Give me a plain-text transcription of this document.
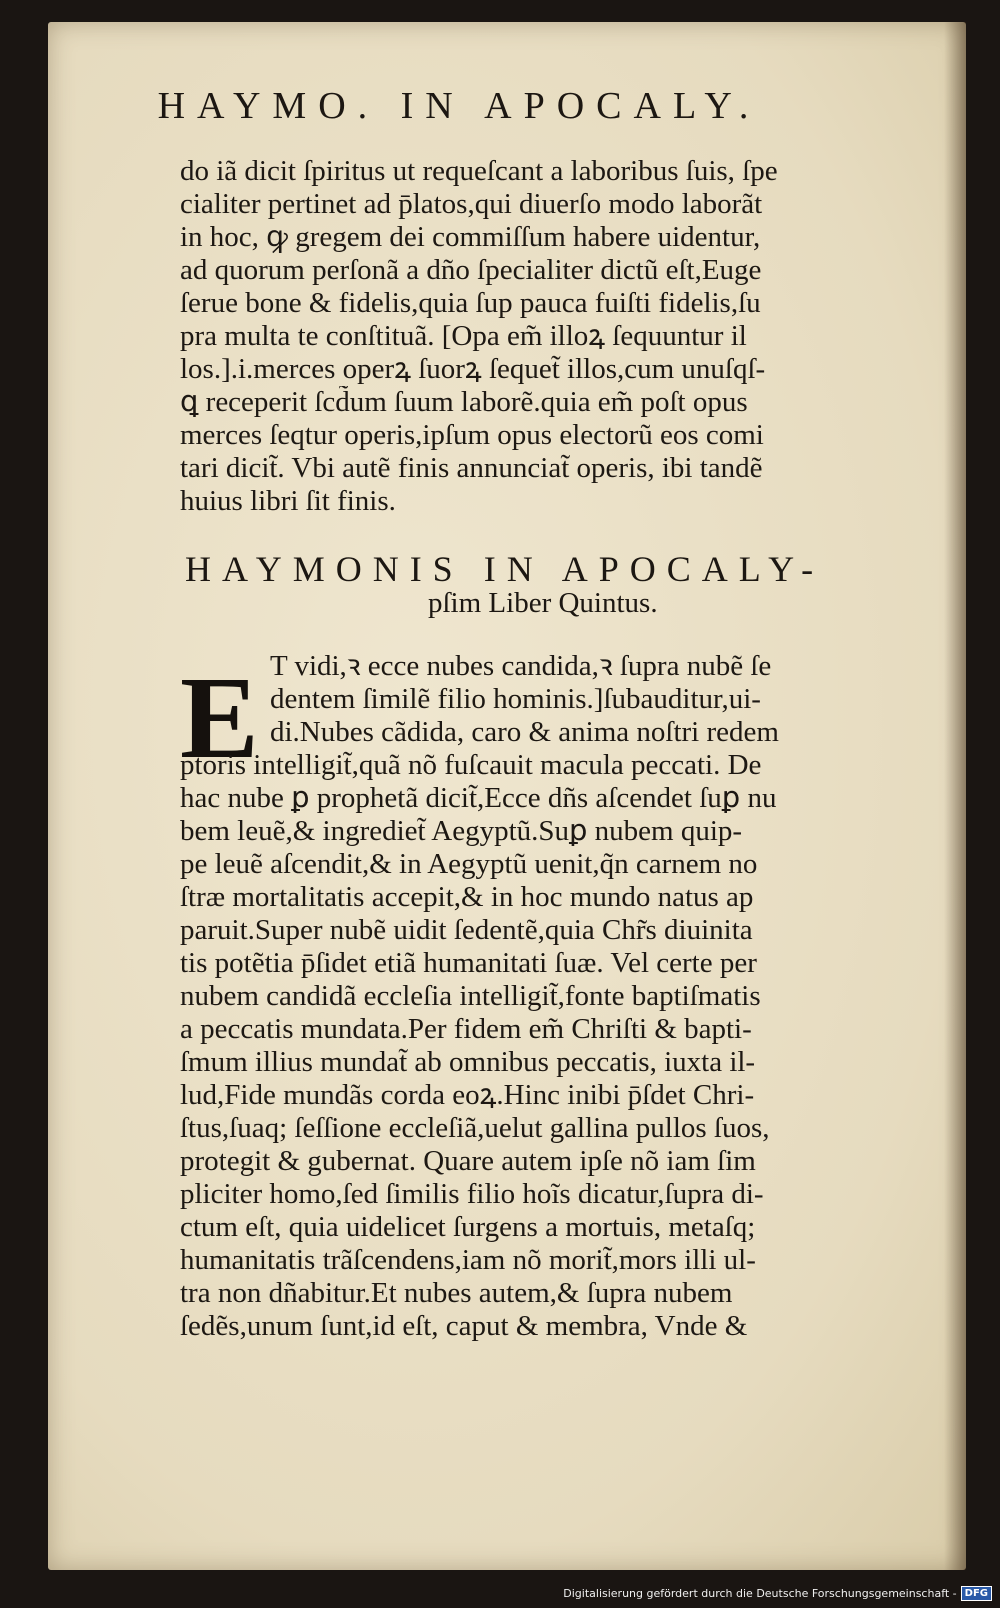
HAYMO. IN APOCALY.
do iã dicit ſpiritus ut requeſcant a laboribus ſuis, ſpe
cialiter pertinet ad p̄latos,qui diuerſo modo laborãt
in hoc, ꝙ gregem dei commiſſum habere uidentur,
ad quorum perſonã a dño ſpecialiter dictũ eſt,Euge
ſerue bone & fidelis,quia ſup pauca fuiſti fidelis,ſu
pra multa te conſtituã. [Opa em̃ illoꝝ ſequuntur il
los.].i.merces operꝝ ſuorꝝ ſequet̃ illos,cum unuſqſ-
ꝗ receperit ſcd̃um ſuum laborẽ.quia em̃ poſt opus
merces ſeqtur operis,ipſum opus electorũ eos comi
tari dicit̃. Vbi autẽ finis annunciat̃ operis, ibi tandẽ
huius libri ſit finis.
HAYMONIS IN APOCALY-
pſim Liber Quintus.
E T vidi,ꝛ ecce nubes candida,ꝛ ſupra nubẽ ſe
dentem ſimilẽ filio hominis.]ſubauditur,ui-
di.Nubes cãdida, caro & anima noſtri redem
ptoris intelligit̃,quã nõ fuſcauit macula peccati. De
hac nube ꝑ prophetã dicit̃,Ecce dñs aſcendet ſuꝑ nu
bem leuẽ,& ingrediet̃ Aegyptũ.Suꝑ nubem quip-
pe leuẽ aſcendit,& in Aegyptũ uenit,q̃n carnem no
ſtræ mortalitatis accepit,& in hoc mundo natus ap
paruit.Super nubẽ uidit ſedentẽ,quia Chr̃s diuinita
tis potẽtia p̄ſidet etiã humanitati ſuæ. Vel certe per
nubem candidã eccleſia intelligit̃,fonte baptiſmatis
a peccatis mundata.Per fidem em̃ Chriſti & bapti-
ſmum illius mundat̃ ab omnibus peccatis, iuxta il-
lud,Fide mundãs corda eoꝝ.Hinc inibi p̄ſdet Chri-
ſtus,ſuaq; ſeſſione eccleſiã,uelut gallina pullos ſuos,
protegit & gubernat. Quare autem ipſe nõ iam ſim
pliciter homo,ſed ſimilis filio hoĩs dicatur,ſupra di-
ctum eſt, quia uidelicet ſurgens a mortuis, metaſq;
humanitatis trãſcendens,iam nõ morit̃,mors illi ul-
tra non dñabitur.Et nubes autem,& ſupra nubem
ſedẽs,unum ſunt,id eſt, caput & membra, Vnde &
Digitalisierung gefördert durch die Deutsche Forschungsgemeinschaft - DFG
